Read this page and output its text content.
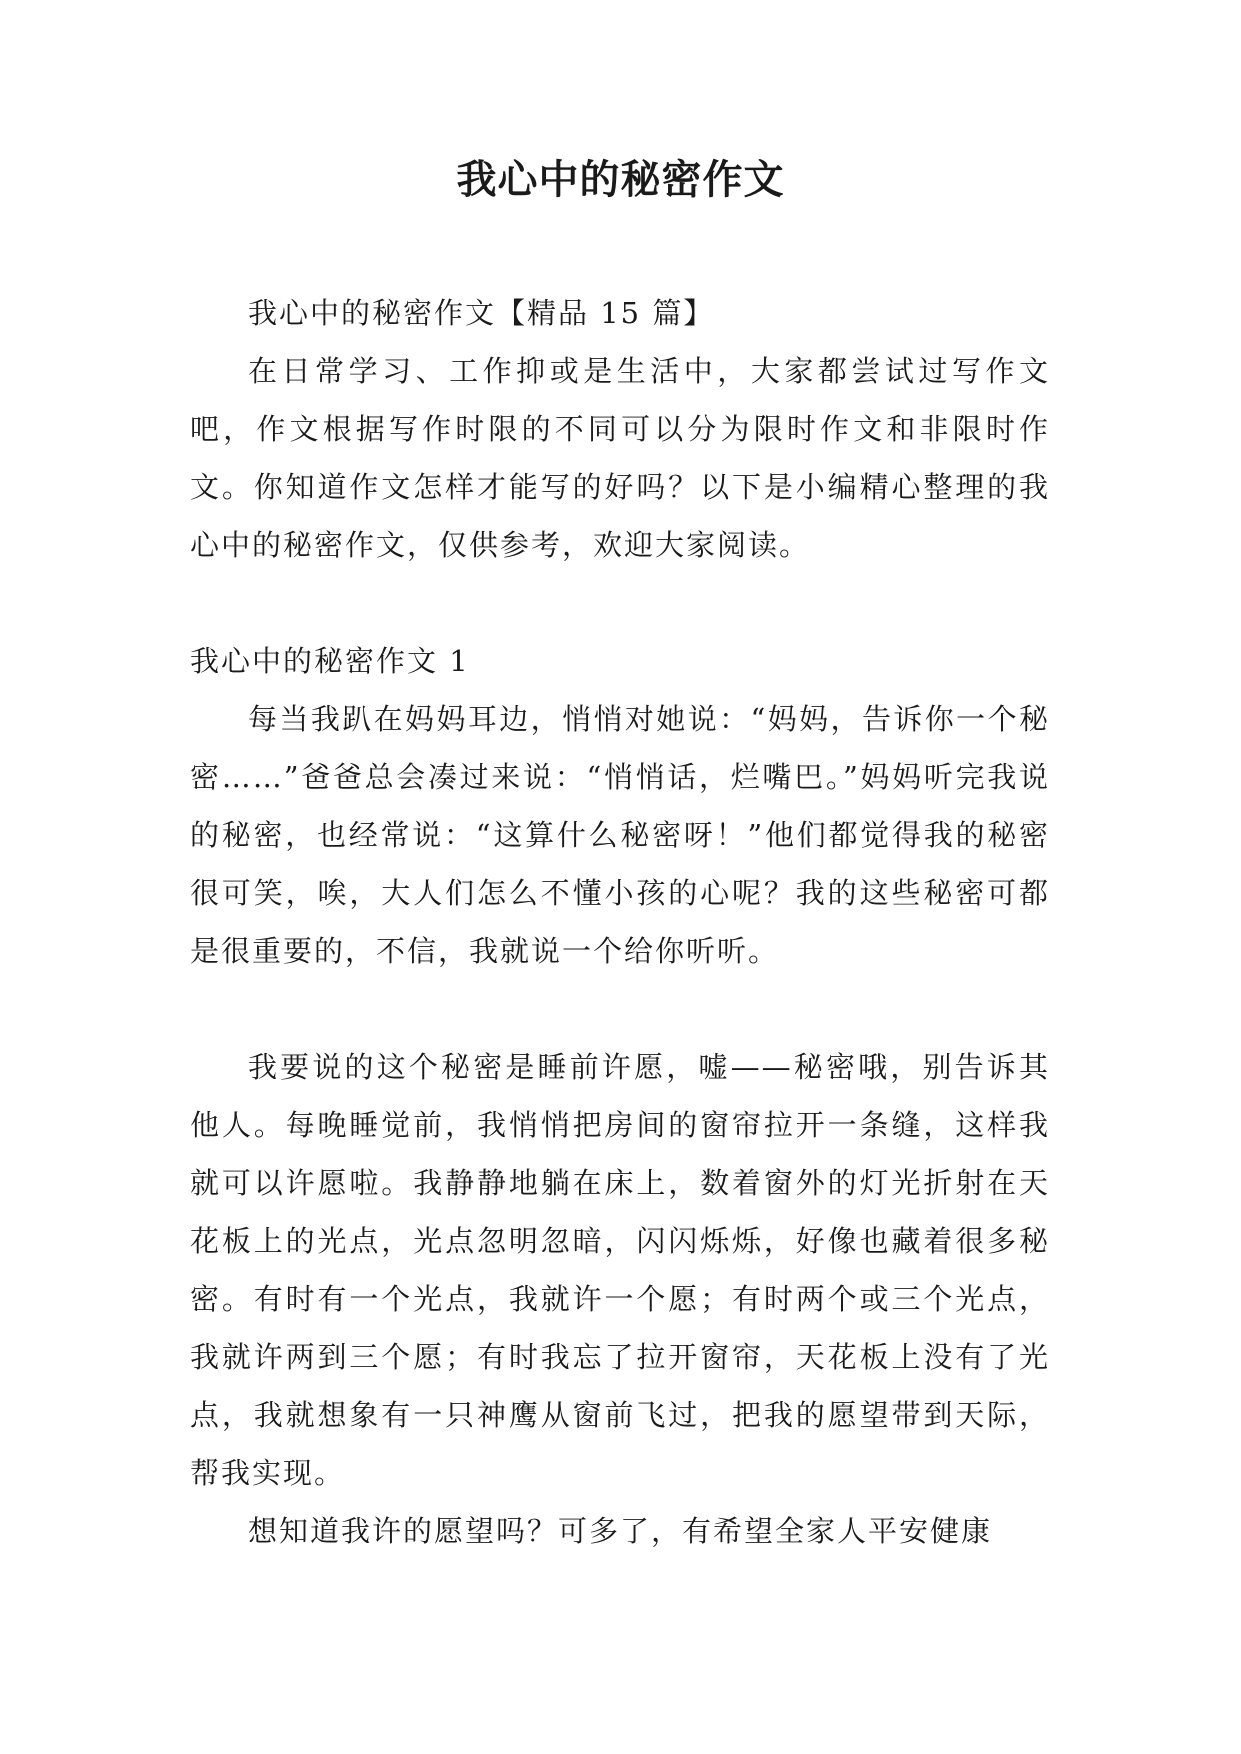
我心中的秘密作文

我心中的秘密作文【精品 15 篇】

在日常学习、工作抑或是生活中，大家都尝试过写作文吧，作文根据写作时限的不同可以分为限时作文和非限时作文。你知道作文怎样才能写的好吗？以下是小编精心整理的我心中的秘密作文，仅供参考，欢迎大家阅读。

我心中的秘密作文 1

每当我趴在妈妈耳边，悄悄对她说：“妈妈，告诉你一个秘密……”爸爸总会凑过来说：“悄悄话，烂嘴巴。”妈妈听完我说的秘密，也经常说：“这算什么秘密呀！”他们都觉得我的秘密很可笑，唉，大人们怎么不懂小孩的心呢？我的这些秘密可都是很重要的，不信，我就说一个给你听听。

我要说的这个秘密是睡前许愿，嘘——秘密哦，别告诉其他人。每晚睡觉前，我悄悄把房间的窗帘拉开一条缝，这样我就可以许愿啦。我静静地躺在床上，数着窗外的灯光折射在天花板上的光点，光点忽明忽暗，闪闪烁烁，好像也藏着很多秘密。有时有一个光点，我就许一个愿；有时两个或三个光点，我就许两到三个愿；有时我忘了拉开窗帘，天花板上没有了光点，我就想象有一只神鹰从窗前飞过，把我的愿望带到天际，帮我实现。

想知道我许的愿望吗？可多了，有希望全家人平安健康
